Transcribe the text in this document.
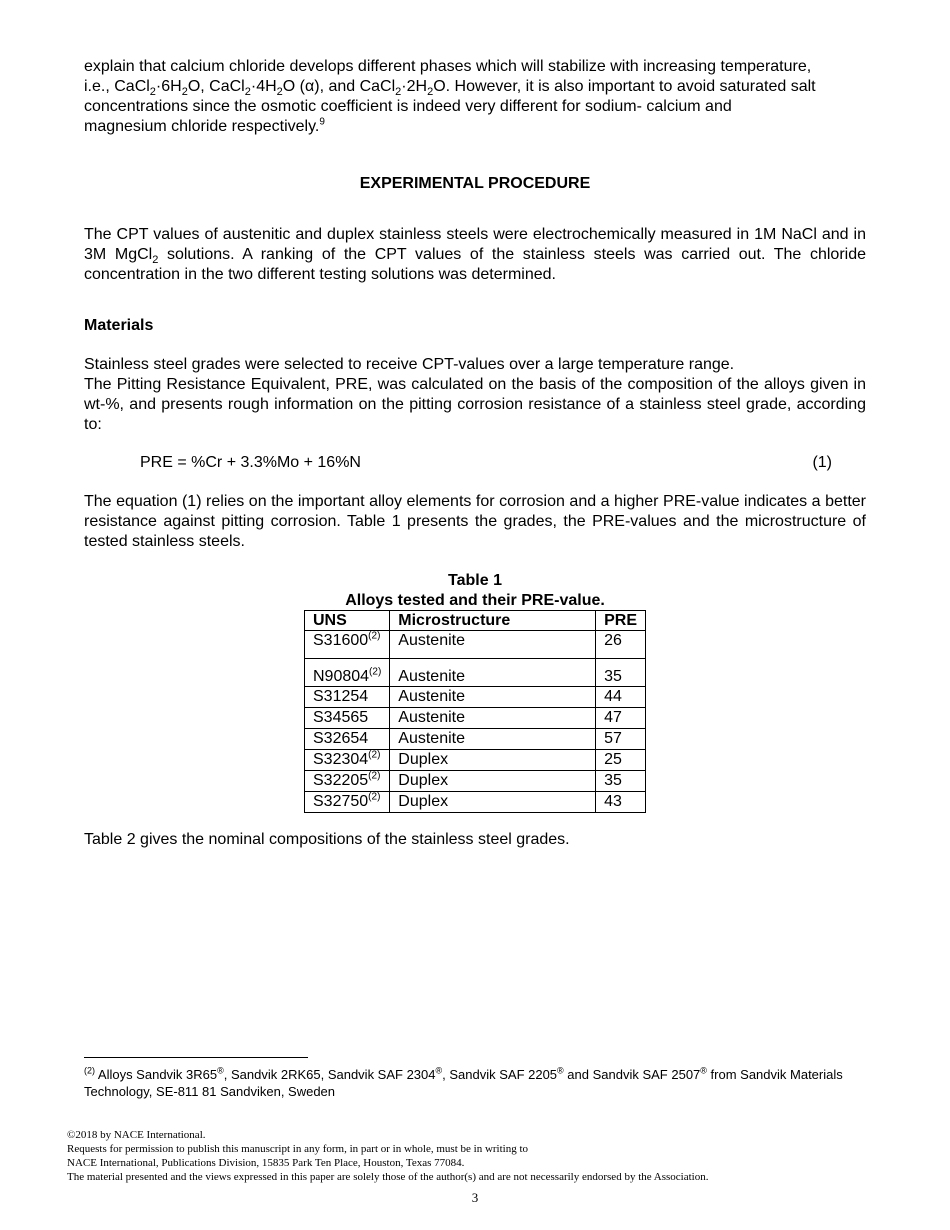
explain that calcium chloride develops different phases which will stabilize with increasing temperature,
i.e., $CaCl_2\cdot 6H_2O$, $CaCl_2\cdot 4H_2O$ (α), and $CaCl_2\cdot 2H_2O$. However, it is also important to avoid saturated salt
concentrations since the osmotic coefficient is indeed very different for sodium- calcium and
magnesium chloride respectively.$^9$
EXPERIMENTAL PROCEDURE
The CPT values of austenitic and duplex stainless steels were electrochemically measured in 1M NaCl and in 3M MgCl$_2$ solutions. A ranking of the CPT values of the stainless steels was carried out. The chloride concentration in the two different testing solutions was determined.
Materials
Stainless steel grades were selected to receive CPT-values over a large temperature range.
The Pitting Resistance Equivalent, PRE, was calculated on the basis of the composition of the alloys given in wt-%, and presents rough information on the pitting corrosion resistance of a stainless steel grade, according to:
PRE = %Cr + 3.3%Mo + 16%N	(1)
The equation (1) relies on the important alloy elements for corrosion and a higher PRE-value indicates a better resistance against pitting corrosion. Table 1 presents the grades, the PRE-values and the microstructure of tested stainless steels.
Table 1
Alloys tested and their PRE-value.
UNS	Microstructure	PRE
S31600$^{(2)}$	Austenite	26
N90804$^{(2)}$	Austenite	35
S31254	Austenite	44
S34565	Austenite	47
S32654	Austenite	57
S32304$^{(2)}$	Duplex	25
S32205$^{(2)}$	Duplex	35
S32750$^{(2)}$	Duplex	43
Table 2 gives the nominal compositions of the stainless steel grades.
$^{(2)}$ Alloys Sandvik 3R65®, Sandvik 2RK65, Sandvik SAF 2304®, Sandvik SAF 2205® and Sandvik SAF 2507® from Sandvik Materials Technology, SE-811 81 Sandviken, Sweden
©2018 by NACE International.
Requests for permission to publish this manuscript in any form, in part or in whole, must be in writing to
NACE International, Publications Division, 15835 Park Ten Place, Houston, Texas 77084.
The material presented and the views expressed in this paper are solely those of the author(s) and are not necessarily endorsed by the Association.
3
